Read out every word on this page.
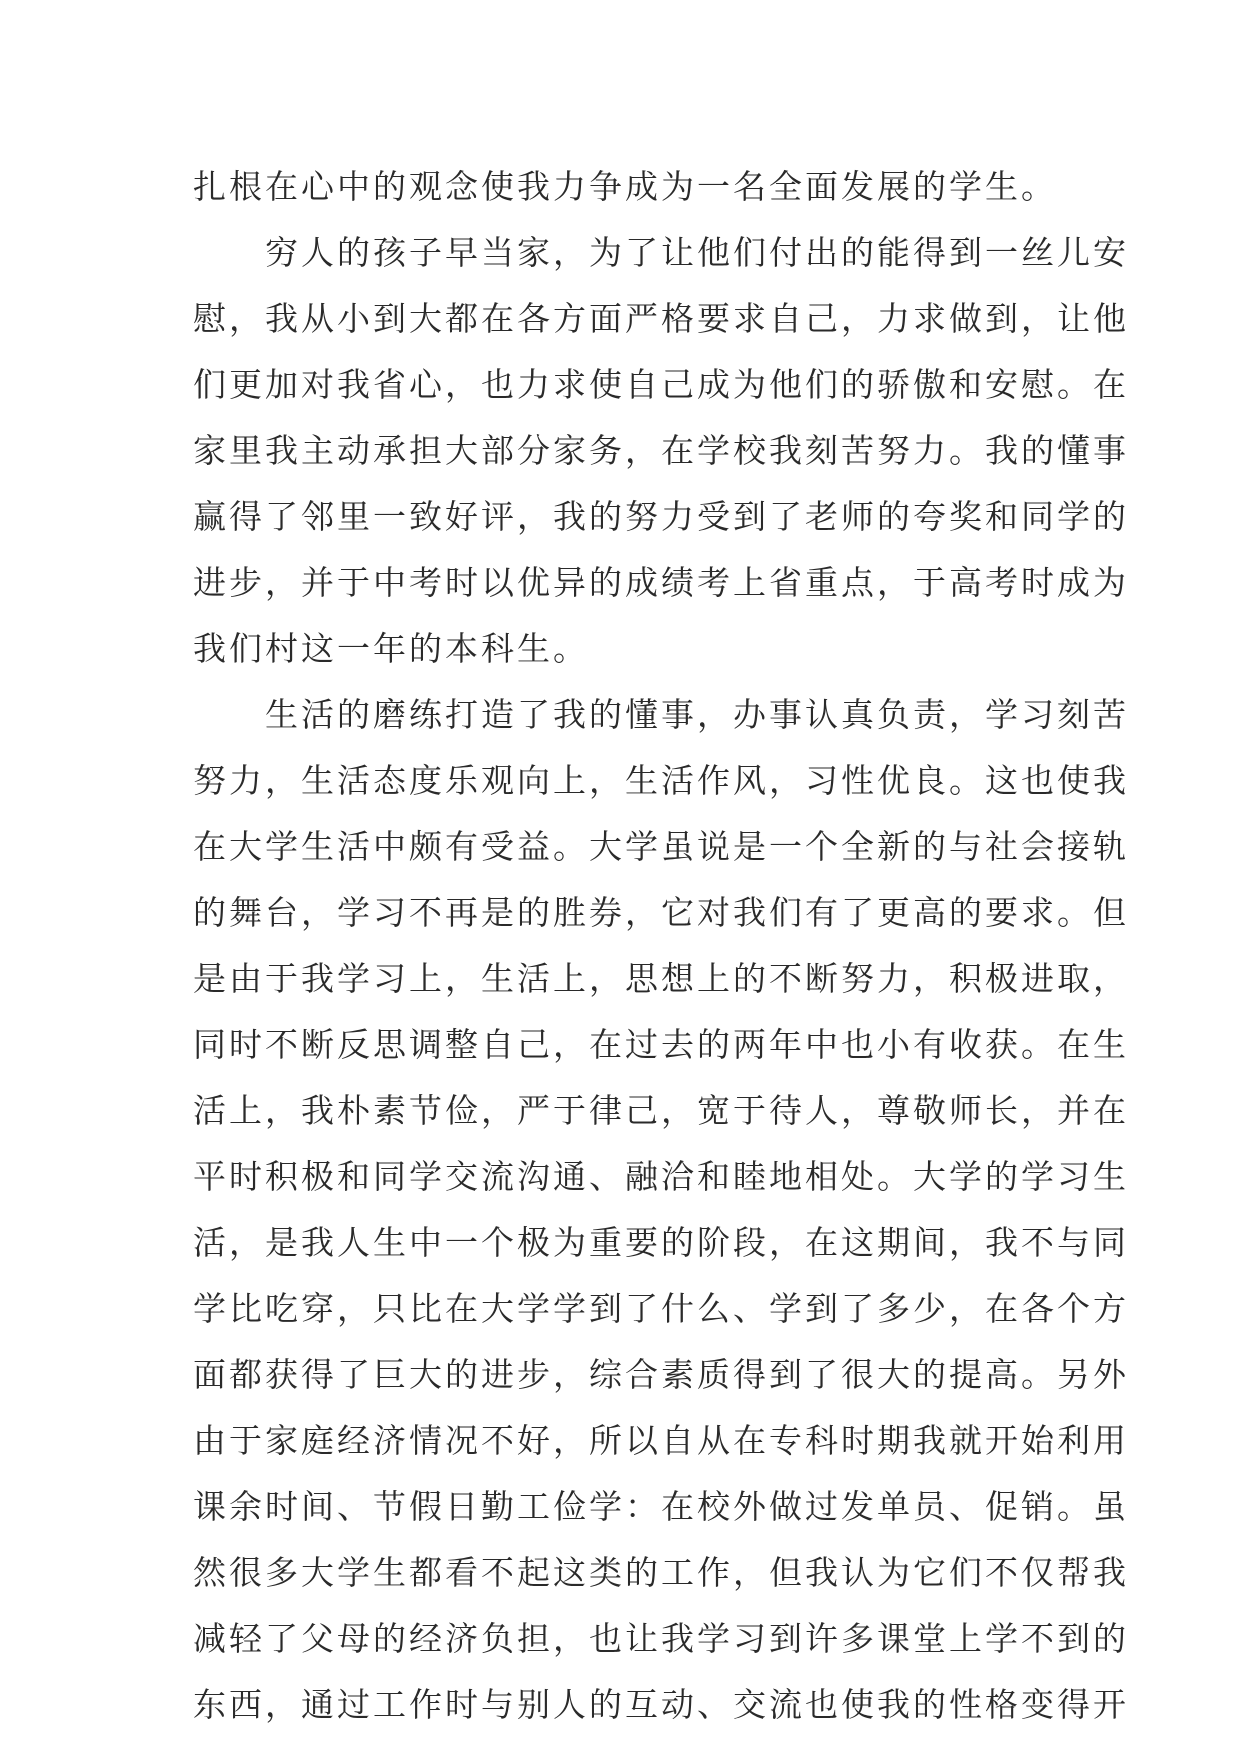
扎根在心中的观念使我力争成为一名全面发展的学生。
　　穷人的孩子早当家，为了让他们付出的能得到一丝儿安
慰，我从小到大都在各方面严格要求自己，力求做到，让他
们更加对我省心，也力求使自己成为他们的骄傲和安慰。在
家里我主动承担大部分家务，在学校我刻苦努力。我的懂事
赢得了邻里一致好评，我的努力受到了老师的夸奖和同学的
进步，并于中考时以优异的成绩考上省重点，于高考时成为
我们村这一年的本科生。
　　生活的磨练打造了我的懂事，办事认真负责，学习刻苦
努力，生活态度乐观向上，生活作风，习性优良。这也使我
在大学生活中颇有受益。大学虽说是一个全新的与社会接轨
的舞台，学习不再是的胜券，它对我们有了更高的要求。但
是由于我学习上，生活上，思想上的不断努力，积极进取，
同时不断反思调整自己，在过去的两年中也小有收获。在生
活上，我朴素节俭，严于律己，宽于待人，尊敬师长，并在
平时积极和同学交流沟通、融洽和睦地相处。大学的学习生
活，是我人生中一个极为重要的阶段，在这期间，我不与同
学比吃穿，只比在大学学到了什么、学到了多少，在各个方
面都获得了巨大的进步，综合素质得到了很大的提高。另外
由于家庭经济情况不好，所以自从在专科时期我就开始利用
课余时间、节假日勤工俭学：在校外做过发单员、促销。虽
然很多大学生都看不起这类的工作，但我认为它们不仅帮我
减轻了父母的经济负担，也让我学习到许多课堂上学不到的
东西，通过工作时与别人的互动、交流也使我的性格变得开
